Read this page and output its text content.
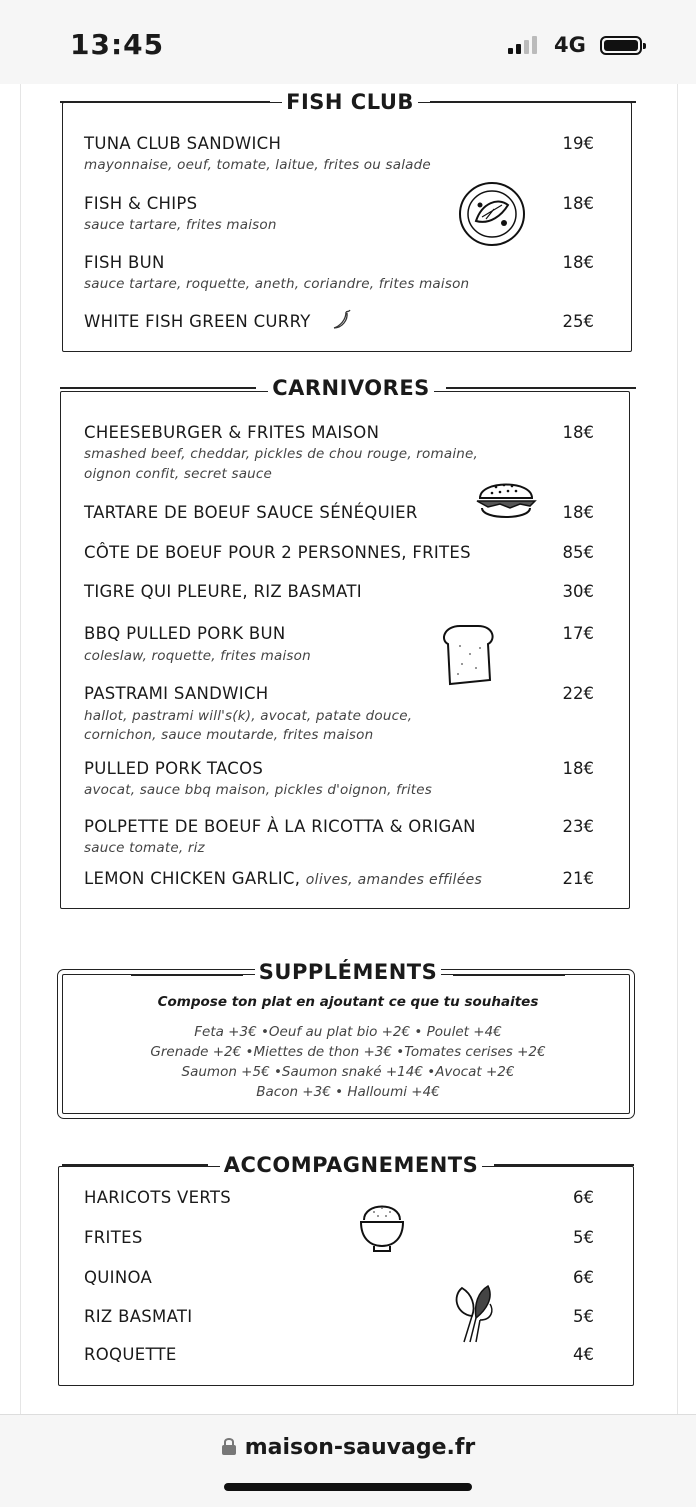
13:45	4G
FISH CLUB
TUNA CLUB SANDWICH
mayonnaise, oeuf, tomate, laitue, frites ou salade
19€
FISH & CHIPS
sauce tartare, frites maison
18€
FISH BUN
sauce tartare, roquette, aneth, coriandre, frites maison
18€
WHITE FISH GREEN CURRY	25€
CARNIVORES
CHEESEBURGER & FRITES MAISON
smashed beef, cheddar, pickles de chou rouge, romaine,
oignon confit, secret sauce
18€
TARTARE DE BOEUF SAUCE SÉNÉQUIER	18€
CÔTE DE BOEUF POUR 2 PERSONNES, FRITES	85€
TIGRE QUI PLEURE, RIZ BASMATI	30€
BBQ PULLED PORK BUN
coleslaw, roquette, frites maison
17€
PASTRAMI SANDWICH
hallot, pastrami will's(k), avocat, patate douce,
cornichon, sauce moutarde, frites maison
22€
PULLED PORK TACOS
avocat, sauce bbq maison, pickles d'oignon, frites
18€
POLPETTE DE BOEUF À LA RICOTTA & ORIGAN
sauce tomate, riz
23€
LEMON CHICKEN GARLIC, olives, amandes effilées	21€
SUPPLÉMENTS
Compose ton plat en ajoutant ce que tu souhaites
Feta +3€ •Oeuf au plat bio +2€ • Poulet +4€
Grenade +2€ •Miettes de thon +3€ •Tomates cerises +2€
Saumon +5€ •Saumon snaké +14€ •Avocat +2€
Bacon +3€ • Halloumi +4€
ACCOMPAGNEMENTS
HARICOTS VERTS	6€
FRITES	5€
QUINOA	6€
RIZ BASMATI	5€
ROQUETTE	4€
maison-sauvage.fr
